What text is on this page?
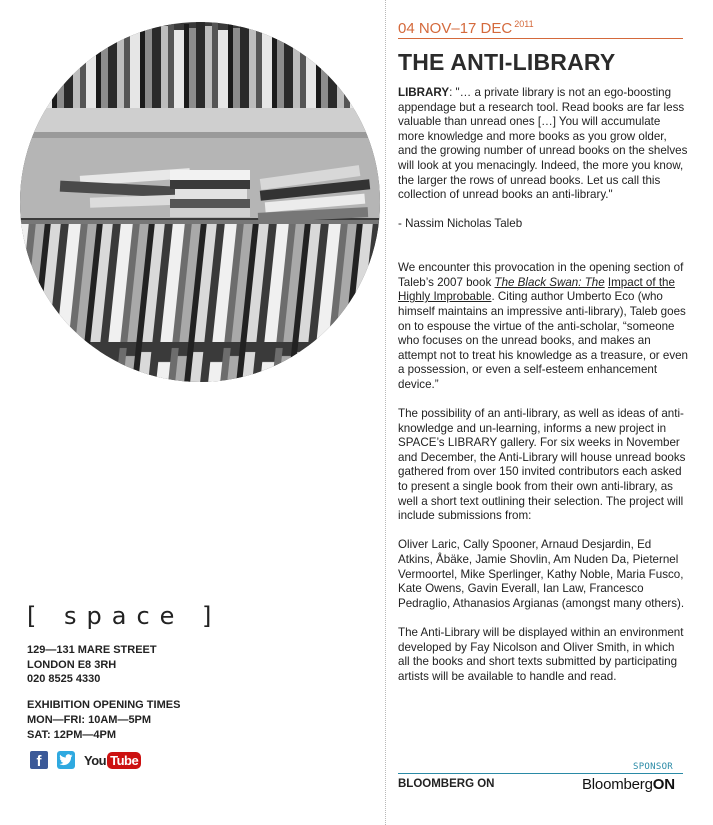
[ space ]
129—131 MARE STREET
LONDON E8 3RH
020 8525 4330
EXHIBITION OPENING TIMES
MON—FRI: 10AM—5PM
SAT: 12PM—4PM
f	You Tube
04 NOV–17 DEC $^{2011}$
THE ANTI-LIBRARY

LIBRARY: "… a private library is not an ego-boosting appendage but a research tool. Read books are far less valuable than unread ones […] You will accumulate more knowledge and more books as you grow older, and the growing number of unread books on the shelves will look at you menacingly. Indeed, the more you know, the larger the rows of unread books. Let us call this collection of unread books an anti-library."

- Nassim Nicholas Taleb

We encounter this provocation in the opening section of Taleb’s 2007 book The Black Swan: The Impact of the Highly Improbable. Citing author Umberto Eco (who himself maintains an impressive anti-library), Taleb goes on to espouse the virtue of the anti-scholar, “someone who focuses on the unread books, and makes an attempt not to treat his knowledge as a treasure, or even a possession, or even a self-esteem enhancement device.”

The possibility of an anti-library, as well as ideas of anti-knowledge and un-learning, informs a new project in SPACE’s LIBRARY gallery. For six weeks in November and December, the Anti-Library will house unread books gathered from over 150 invited contributors each asked to present a single book from their own anti-library, as well a short text outlining their selection. The project will include submissions from:

Oliver Laric, Cally Spooner, Arnaud Desjardin, Ed Atkins, Åbäke, Jamie Shovlin, Am Nuden Da, Pieternel Vermoortel, Mike Sperlinger, Kathy Noble, Maria Fusco, Kate Owens, Gavin Everall, Ian Law, Francesco Pedraglio, Athanasios Argianas (amongst many others).

The Anti-Library will be displayed within an environment developed by Fay Nicolson and Oliver Smith, in which all the books and short texts submitted by participating artists will be available to handle and read.

SPONSOR
BLOOMBERG ON	BloombergON
